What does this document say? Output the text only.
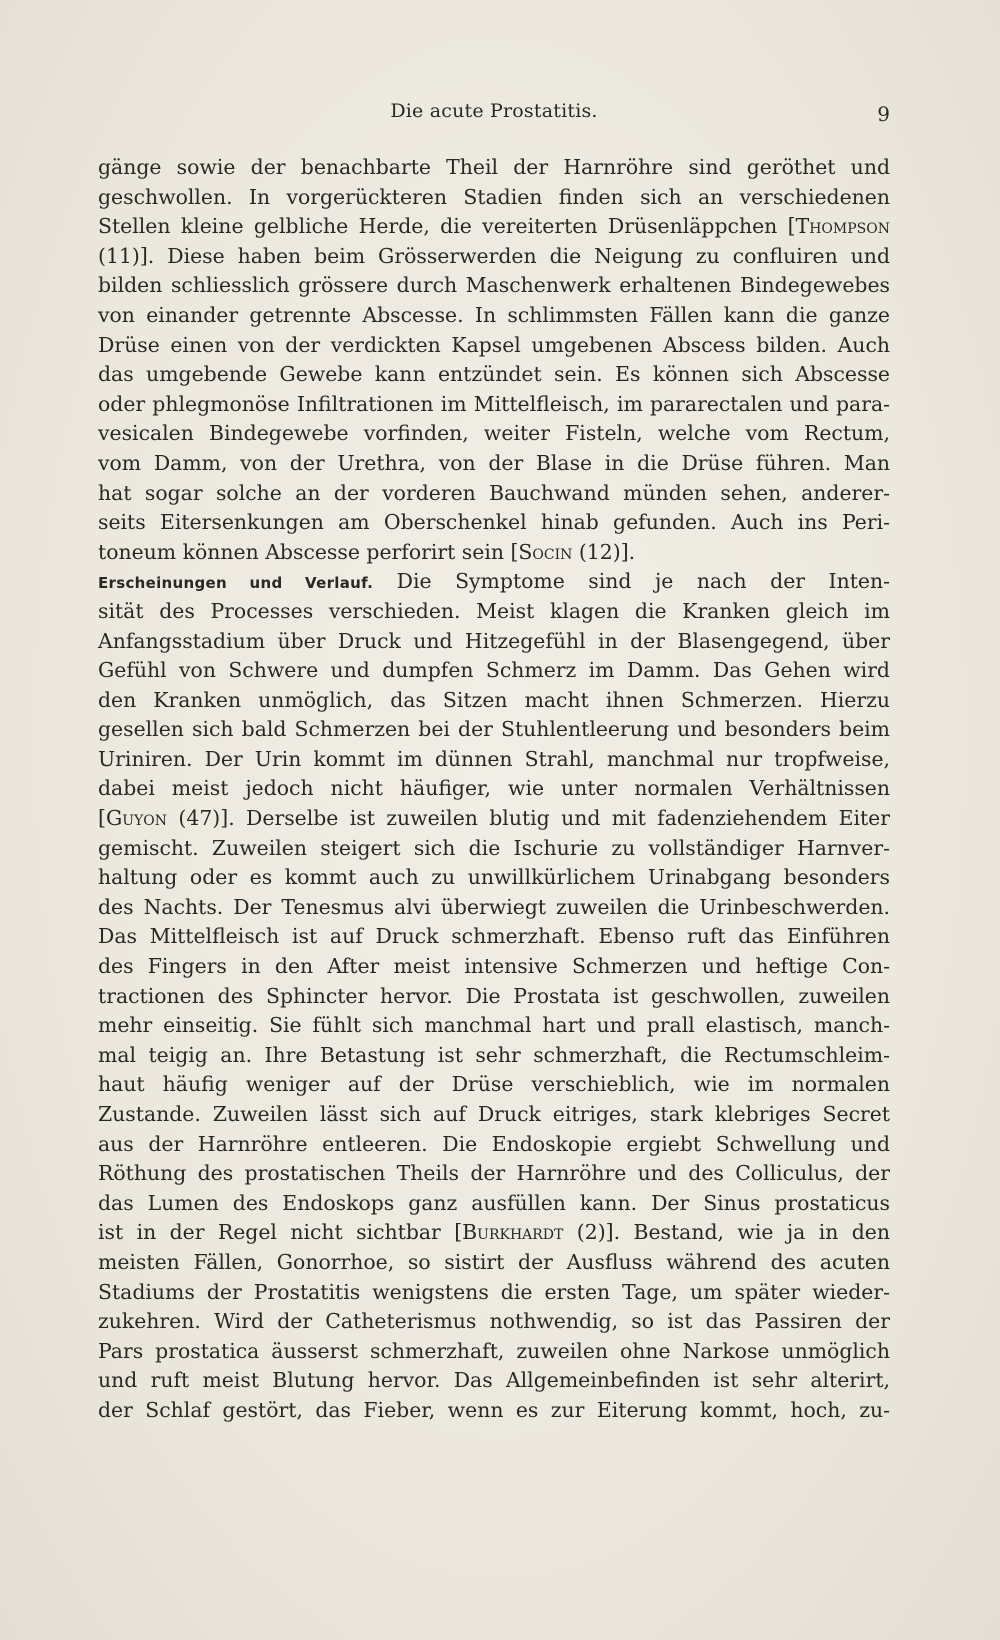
Die acute Prostatitis.	9
gänge sowie der benachbarte Theil der Harnröhre sind geröthet und
geschwollen. In vorgerückteren Stadien finden sich an verschiedenen
Stellen kleine gelbliche Herde, die vereiterten Drüsenläppchen [Thompson
(11)]. Diese haben beim Grösserwerden die Neigung zu confluiren und
bilden schliesslich grössere durch Maschenwerk erhaltenen Bindegewebes
von einander getrennte Abscesse. In schlimmsten Fällen kann die ganze
Drüse einen von der verdickten Kapsel umgebenen Abscess bilden. Auch
das umgebende Gewebe kann entzündet sein. Es können sich Abscesse
oder phlegmonöse Infiltrationen im Mittelfleisch, im pararectalen und para-
vesicalen Bindegewebe vorfinden, weiter Fisteln, welche vom Rectum,
vom Damm, von der Urethra, von der Blase in die Drüse führen. Man
hat sogar solche an der vorderen Bauchwand münden sehen, anderer-
seits Eitersenkungen am Oberschenkel hinab gefunden. Auch ins Peri-
toneum können Abscesse perforirt sein [Socin (12)].
Erscheinungen und Verlauf. Die Symptome sind je nach der Inten-
sität des Processes verschieden. Meist klagen die Kranken gleich im
Anfangsstadium über Druck und Hitzegefühl in der Blasengegend, über
Gefühl von Schwere und dumpfen Schmerz im Damm. Das Gehen wird
den Kranken unmöglich, das Sitzen macht ihnen Schmerzen. Hierzu
gesellen sich bald Schmerzen bei der Stuhlentleerung und besonders beim
Uriniren. Der Urin kommt im dünnen Strahl, manchmal nur tropfweise,
dabei meist jedoch nicht häufiger, wie unter normalen Verhältnissen
[Guyon (47)]. Derselbe ist zuweilen blutig und mit fadenziehendem Eiter
gemischt. Zuweilen steigert sich die Ischurie zu vollständiger Harnver-
haltung oder es kommt auch zu unwillkürlichem Urinabgang besonders
des Nachts. Der Tenesmus alvi überwiegt zuweilen die Urinbeschwerden.
Das Mittelfleisch ist auf Druck schmerzhaft. Ebenso ruft das Einführen
des Fingers in den After meist intensive Schmerzen und heftige Con-
tractionen des Sphincter hervor. Die Prostata ist geschwollen, zuweilen
mehr einseitig. Sie fühlt sich manchmal hart und prall elastisch, manch-
mal teigig an. Ihre Betastung ist sehr schmerzhaft, die Rectumschleim-
haut häufig weniger auf der Drüse verschieblich, wie im normalen
Zustande. Zuweilen lässt sich auf Druck eitriges, stark klebriges Secret
aus der Harnröhre entleeren. Die Endoskopie ergiebt Schwellung und
Röthung des prostatischen Theils der Harnröhre und des Colliculus, der
das Lumen des Endoskops ganz ausfüllen kann. Der Sinus prostaticus
ist in der Regel nicht sichtbar [Burkhardt (2)]. Bestand, wie ja in den
meisten Fällen, Gonorrhoe, so sistirt der Ausfluss während des acuten
Stadiums der Prostatitis wenigstens die ersten Tage, um später wieder-
zukehren. Wird der Catheterismus nothwendig, so ist das Passiren der
Pars prostatica äusserst schmerzhaft, zuweilen ohne Narkose unmöglich
und ruft meist Blutung hervor. Das Allgemeinbefinden ist sehr alterirt,
der Schlaf gestört, das Fieber, wenn es zur Eiterung kommt, hoch, zu-
